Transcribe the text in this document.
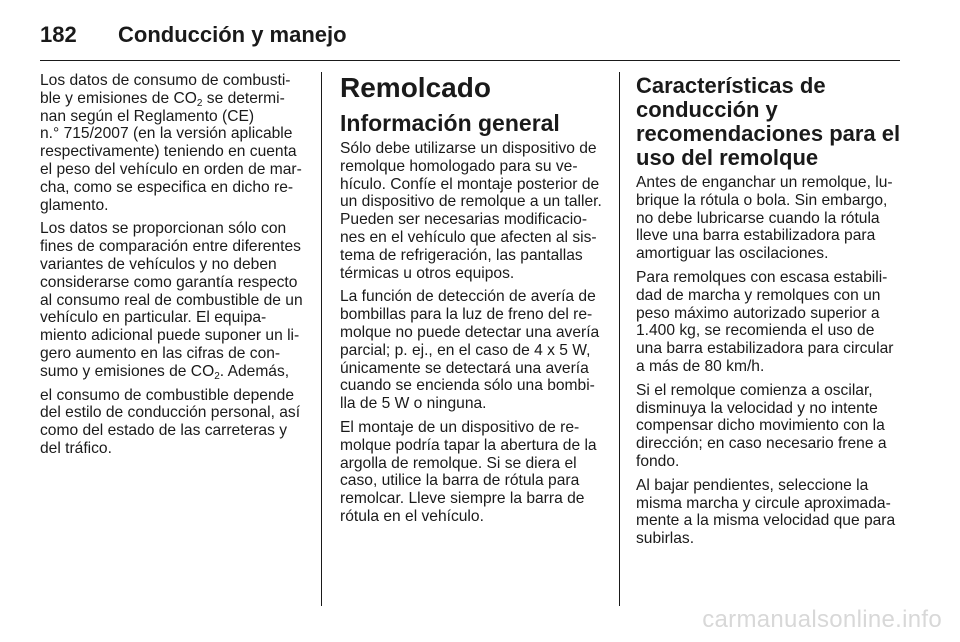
182 Conducción y manejo

Los datos de consumo de combusti-
ble y emisiones de $CO_2$ se determi-
nan según el Reglamento (CE)
n.° 715/2007 (en la versión aplicable
respectivamente) teniendo en cuenta
el peso del vehículo en orden de mar-
cha, como se especifica en dicho re-
glamento.

Los datos se proporcionan sólo con
fines de comparación entre diferentes
variantes de vehículos y no deben
considerarse como garantía respecto
al consumo real de combustible de un
vehículo en particular. El equipa-
miento adicional puede suponer un li-
gero aumento en las cifras de con-
sumo y emisiones de $CO_2$. Además,

el consumo de combustible depende
del estilo de conducción personal, así
como del estado de las carreteras y
del tráfico.

Remolcado
Información general

Sólo debe utilizarse un dispositivo de
remolque homologado para su ve-
hículo. Confíe el montaje posterior de
un dispositivo de remolque a un taller.
Pueden ser necesarias modificacio-
nes en el vehículo que afecten al sis-
tema de refrigeración, las pantallas
térmicas u otros equipos.

La función de detección de avería de
bombillas para la luz de freno del re-
molque no puede detectar una avería
parcial; p. ej., en el caso de 4 x 5 W,
únicamente se detectará una avería
cuando se encienda sólo una bombi-
lla de 5 W o ninguna.

El montaje de un dispositivo de re-
molque podría tapar la abertura de la
argolla de remolque. Si se diera el
caso, utilice la barra de rótula para
remolcar. Lleve siempre la barra de
rótula en el vehículo.

Características de
conducción y
recomendaciones para el
uso del remolque

Antes de enganchar un remolque, lu-
brique la rótula o bola. Sin embargo,
no debe lubricarse cuando la rótula
lleve una barra estabilizadora para
amortiguar las oscilaciones.

Para remolques con escasa estabili-
dad de marcha y remolques con un
peso máximo autorizado superior a
1.400 kg, se recomienda el uso de
una barra estabilizadora para circular
a más de 80 km/h.

Si el remolque comienza a oscilar,
disminuya la velocidad y no intente
compensar dicho movimiento con la
dirección; en caso necesario frene a
fondo.

Al bajar pendientes, seleccione la
misma marcha y circule aproximada-
mente a la misma velocidad que para
subirlas.

carmanualsonline.info
